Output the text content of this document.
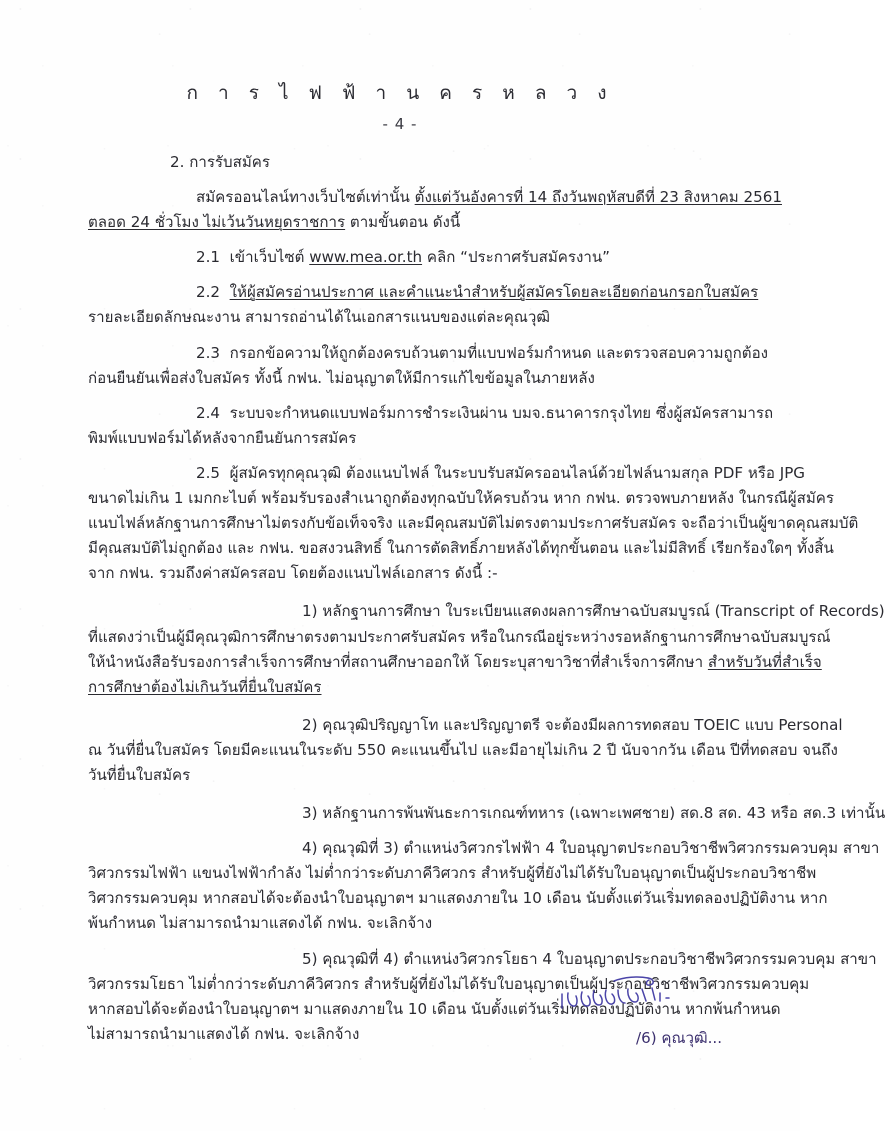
ก า ร ไ ฟ ฟ้ า น ค ร ห ล ว ง
- 4 -

2. การรับสมัคร

สมัครออนไลน์ทางเว็บไซต์เท่านั้น ตั้งแต่วันอังคารที่ 14 ถึงวันพฤหัสบดีที่ 23 สิงหาคม 2561

ตลอด 24 ชั่วโมง ไม่เว้นวันหยุดราชการ ตามขั้นตอน ดังนี้

2.1 เข้าเว็บไซต์ www.mea.or.th คลิก “ประกาศรับสมัครงาน”

2.2 ให้ผู้สมัครอ่านประกาศ และคำแนะนำสำหรับผู้สมัครโดยละเอียดก่อนกรอกใบสมัคร

รายละเอียดลักษณะงาน สามารถอ่านได้ในเอกสารแนบของแต่ละคุณวุฒิ

2.3 กรอกข้อความให้ถูกต้องครบถ้วนตามที่แบบฟอร์มกำหนด และตรวจสอบความถูกต้อง

ก่อนยืนยันเพื่อส่งใบสมัคร ทั้งนี้ กฟน. ไม่อนุญาตให้มีการแก้ไขข้อมูลในภายหลัง

2.4 ระบบจะกำหนดแบบฟอร์มการชำระเงินผ่าน บมจ.ธนาคารกรุงไทย ซึ่งผู้สมัครสามารถ

พิมพ์แบบฟอร์มได้หลังจากยืนยันการสมัคร

2.5 ผู้สมัครทุกคุณวุฒิ ต้องแนบไฟล์ ในระบบรับสมัครออนไลน์ด้วยไฟล์นามสกุล PDF หรือ JPG

ขนาดไม่เกิน 1 เมกกะไบต์ พร้อมรับรองสำเนาถูกต้องทุกฉบับให้ครบถ้วน หาก กฟน. ตรวจพบภายหลัง ในกรณีผู้สมัคร

แนบไฟล์หลักฐานการศึกษาไม่ตรงกับข้อเท็จจริง และมีคุณสมบัติไม่ตรงตามประกาศรับสมัคร จะถือว่าเป็นผู้ขาดคุณสมบัติ

มีคุณสมบัติไม่ถูกต้อง และ กฟน. ขอสงวนสิทธิ์ ในการตัดสิทธิ์ภายหลังได้ทุกขั้นตอน และไม่มีสิทธิ์ เรียกร้องใดๆ ทั้งสิ้น

จาก กฟน. รวมถึงค่าสมัครสอบ โดยต้องแนบไฟล์เอกสาร ดังนี้ :-

1) หลักฐานการศึกษา ใบระเบียนแสดงผลการศึกษาฉบับสมบูรณ์ (Transcript of Records)

ที่แสดงว่าเป็นผู้มีคุณวุฒิการศึกษาตรงตามประกาศรับสมัคร หรือในกรณีอยู่ระหว่างรอหลักฐานการศึกษาฉบับสมบูรณ์

ให้นำหนังสือรับรองการสำเร็จการศึกษาที่สถานศึกษาออกให้ โดยระบุสาขาวิชาที่สำเร็จการศึกษา สำหรับวันที่สำเร็จ

การศึกษาต้องไม่เกินวันที่ยื่นใบสมัคร

2) คุณวุฒิปริญญาโท และปริญญาตรี จะต้องมีผลการทดสอบ TOEIC แบบ Personal

ณ วันที่ยื่นใบสมัคร โดยมีคะแนนในระดับ 550 คะแนนขึ้นไป และมีอายุไม่เกิน 2 ปี นับจากวัน เดือน ปีที่ทดสอบ จนถึง

วันที่ยื่นใบสมัคร

3) หลักฐานการพ้นพันธะการเกณฑ์ทหาร (เฉพาะเพศชาย) สด.8 สด. 43 หรือ สด.3 เท่านั้น

4) คุณวุฒิที่ 3) ตำแหน่งวิศวกรไฟฟ้า 4 ใบอนุญาตประกอบวิชาชีพวิศวกรรมควบคุม สาขา

วิศวกรรมไฟฟ้า แขนงไฟฟ้ากำลัง ไม่ต่ำกว่าระดับภาคีวิศวกร สำหรับผู้ที่ยังไม่ได้รับใบอนุญาตเป็นผู้ประกอบวิชาชีพ

วิศวกรรมควบคุม หากสอบได้จะต้องนำใบอนุญาตฯ มาแสดงภายใน 10 เดือน นับตั้งแต่วันเริ่มทดลองปฏิบัติงาน หาก

พ้นกำหนด ไม่สามารถนำมาแสดงได้ กฟน. จะเลิกจ้าง

5) คุณวุฒิที่ 4) ตำแหน่งวิศวกรโยธา 4 ใบอนุญาตประกอบวิชาชีพวิศวกรรมควบคุม สาขา

วิศวกรรมโยธา ไม่ต่ำกว่าระดับภาคีวิศวกร สำหรับผู้ที่ยังไม่ได้รับใบอนุญาตเป็นผู้ประกอบวิชาชีพวิศวกรรมควบคุม

หากสอบได้จะต้องนำใบอนุญาตฯ มาแสดงภายใน 10 เดือน นับตั้งแต่วันเริ่มทดลองปฏิบัติงาน หากพ้นกำหนด

ไม่สามารถนำมาแสดงได้ กฟน. จะเลิกจ้าง	/6) คุณวุฒิ...
